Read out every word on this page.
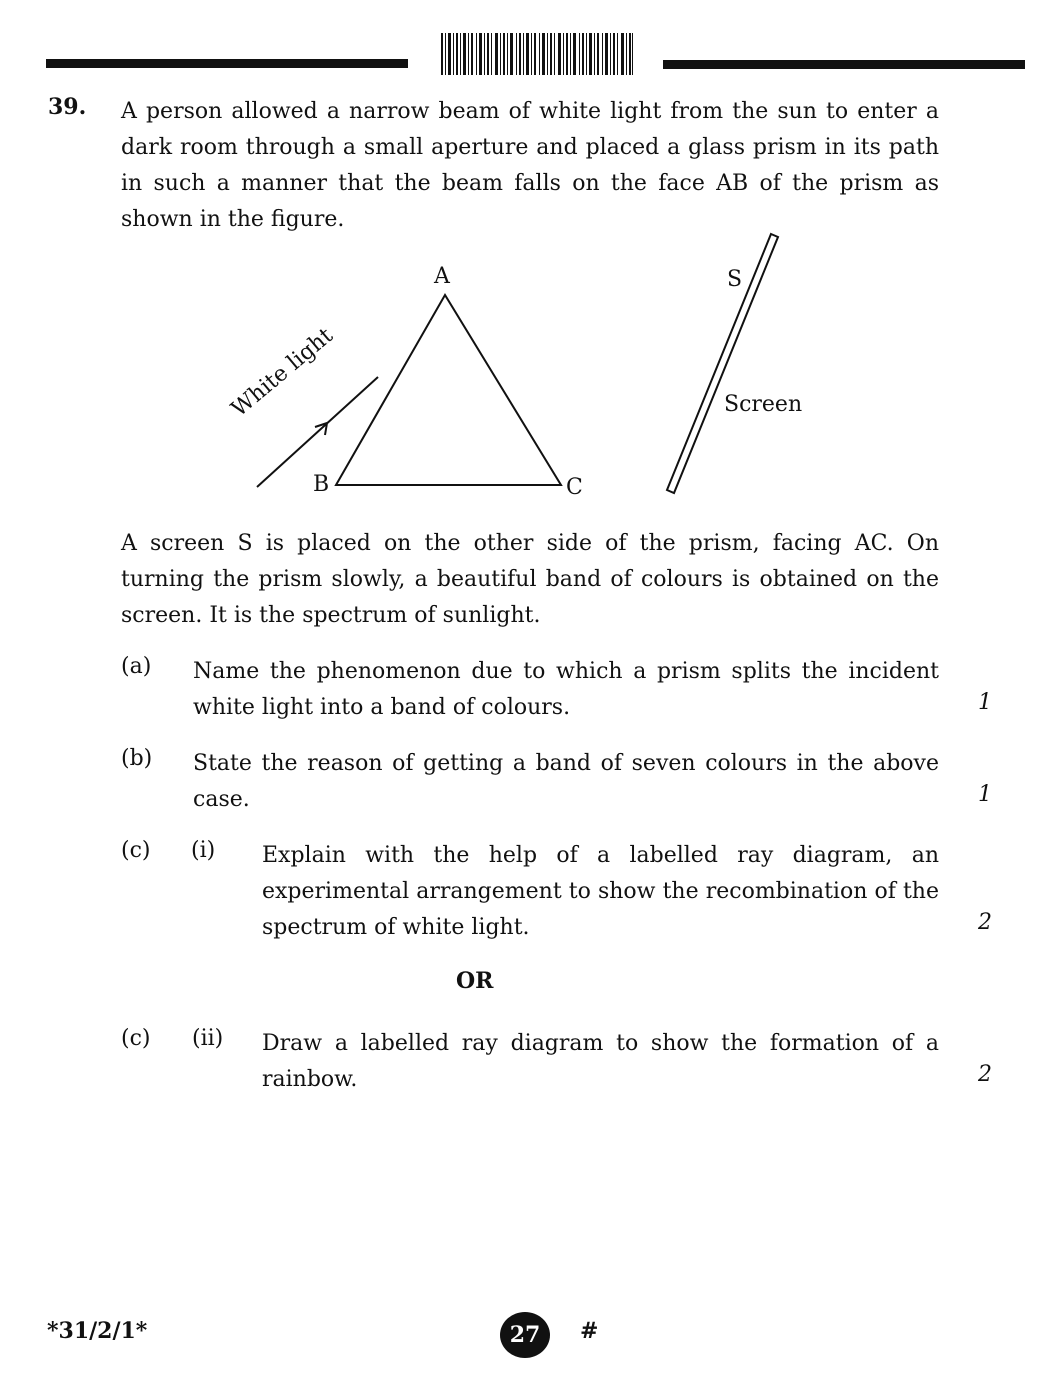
39. A person allowed a narrow beam of white light from the sun to enter a dark room through a small aperture and placed a glass prism in its path in such a manner that the beam falls on the face AB of the prism as shown in the figure.

A
B	C
White light
S
Screen

A screen S is placed on the other side of the prism, facing AC. On turning the prism slowly, a beautiful band of colours is obtained on the screen. It is the spectrum of sunlight.

(a) Name the phenomenon due to which a prism splits the incident white light into a band of colours.	1
(b) State the reason of getting a band of seven colours in the above case.	1
(c) (i) Explain with the help of a labelled ray diagram, an experimental arrangement to show the recombination of the spectrum of white light.	2
OR
(c) (ii) Draw a labelled ray diagram to show the formation of a rainbow.	2
*31/2/1*	27 #
